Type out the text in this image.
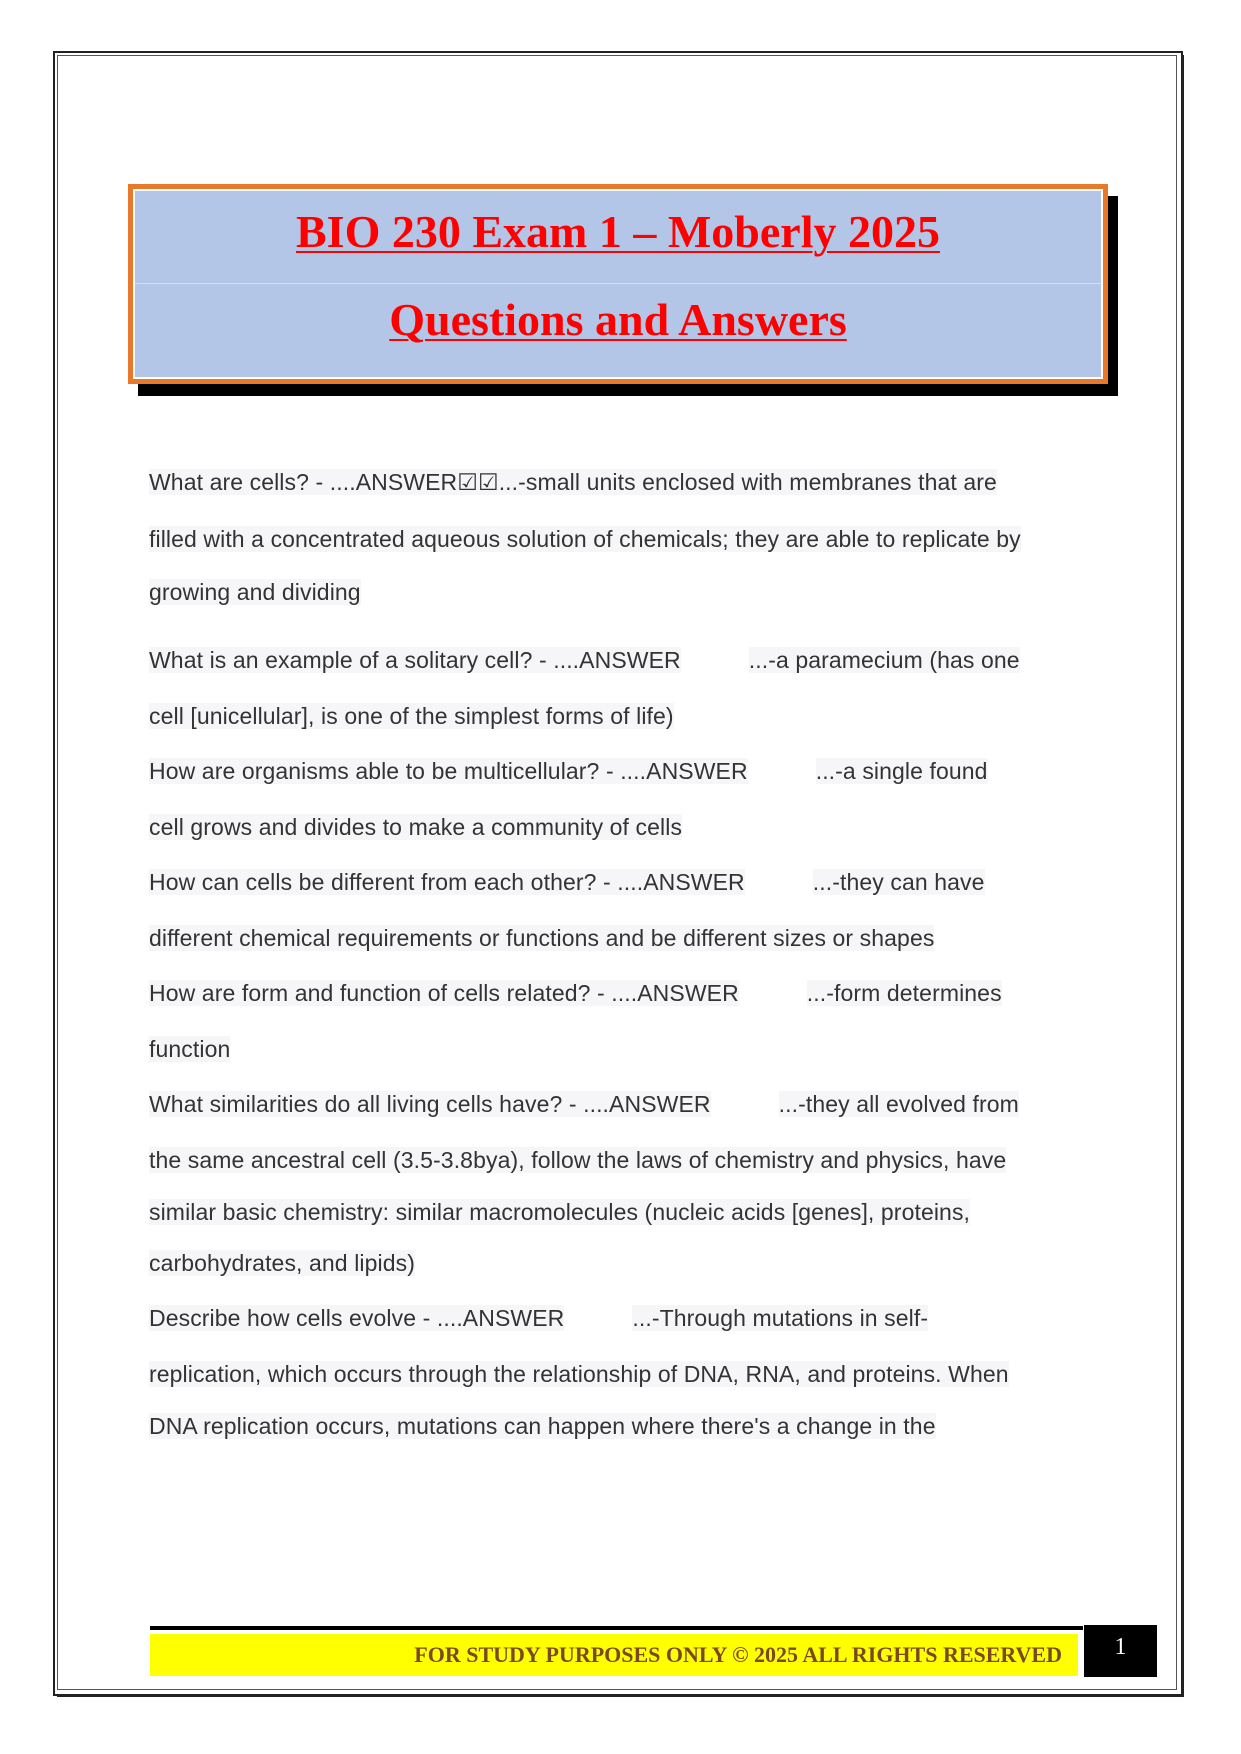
BIO 230 Exam 1 – Moberly 2025
Questions and Answers
What are cells? - ....ANSWER☑☑...-small units enclosed with membranes that are
filled with a concentrated aqueous solution of chemicals; they are able to replicate by
growing and dividing
What is an example of a solitary cell? - ....ANSWER	...-a paramecium (has one
cell [unicellular], is one of the simplest forms of life)
How are organisms able to be multicellular? - ....ANSWER	...-a single found
cell grows and divides to make a community of cells
How can cells be different from each other? - ....ANSWER	...-they can have
different chemical requirements or functions and be different sizes or shapes
How are form and function of cells related? - ....ANSWER	...-form determines
function
What similarities do all living cells have? - ....ANSWER	...-they all evolved from
the same ancestral cell (3.5-3.8bya), follow the laws of chemistry and physics, have
similar basic chemistry: similar macromolecules (nucleic acids [genes], proteins,
carbohydrates, and lipids)
Describe how cells evolve - ....ANSWER	...-Through mutations in self-
replication, which occurs through the relationship of DNA, RNA, and proteins. When
DNA replication occurs, mutations can happen where there's a change in the
FOR STUDY PURPOSES ONLY © 2025 ALL RIGHTS RESERVED	1
